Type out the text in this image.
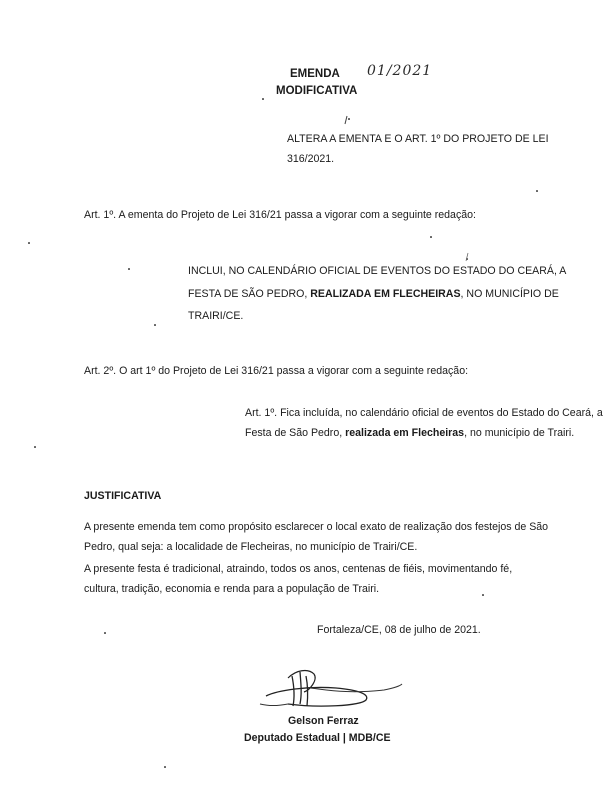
EMENDA
MODIFICATIVA
01/2021
ALTERA A EMENTA E O ART. 1º DO PROJETO DE LEI
316/2021.
Art. 1º. A ementa do Projeto de Lei 316/21 passa a vigorar com a seguinte redação:
INCLUI, NO CALENDÁRIO OFICIAL DE EVENTOS DO ESTADO DO CEARÁ, A
FESTA DE SÃO PEDRO, REALIZADA EM FLECHEIRAS, NO MUNICÍPIO DE
TRAIRI/CE.
Art. 2º. O art 1º do Projeto de Lei 316/21 passa a vigorar com a seguinte redação:
Art. 1º. Fica incluída, no calendário oficial de eventos do Estado do Ceará, a
Festa de São Pedro, realizada em Flecheiras, no município de Trairi.
JUSTIFICATIVA
A presente emenda tem como propósito esclarecer o local exato de realização dos festejos de São
Pedro, qual seja: a localidade de Flecheiras, no município de Trairi/CE.
A presente festa é tradicional, atraindo, todos os anos, centenas de fiéis, movimentando fé,
cultura, tradição, economia e renda para a população de Trairi.
Fortaleza/CE, 08 de julho de 2021.
Gelson Ferraz
Deputado Estadual | MDB/CE
